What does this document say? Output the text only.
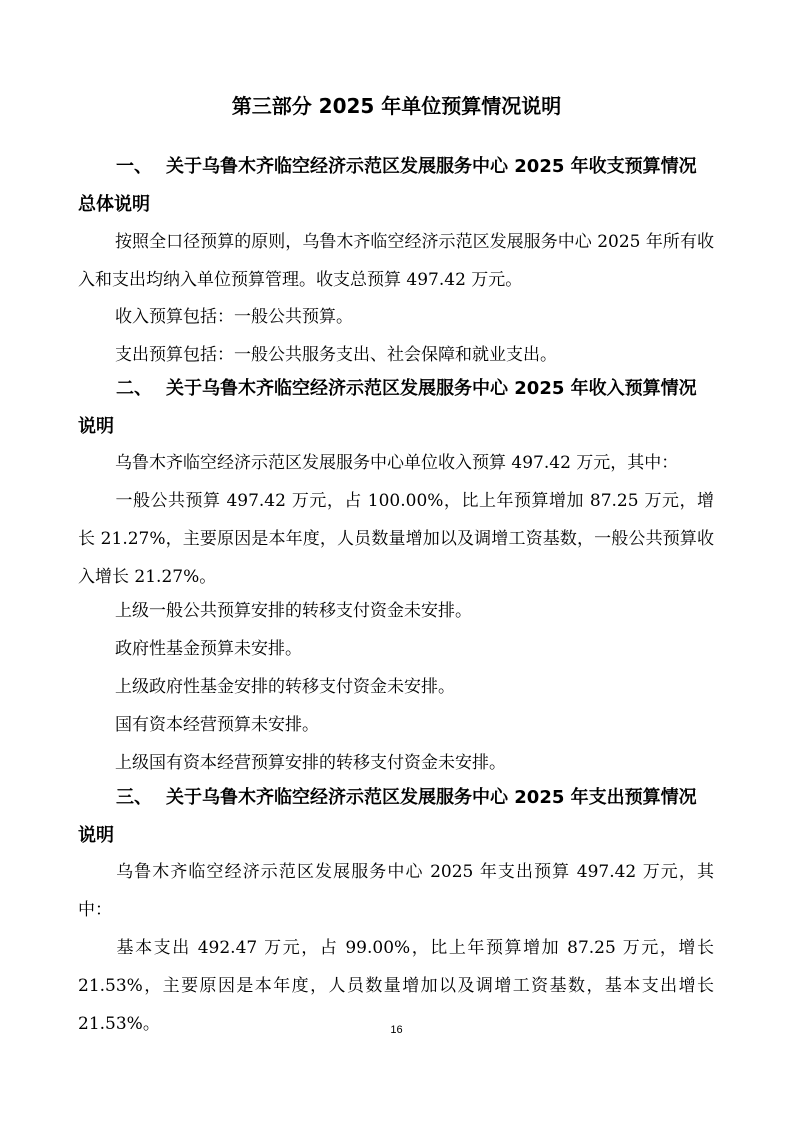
第三部分 2025 年单位预算情况说明
一、 关于乌鲁木齐临空经济示范区发展服务中心 2025 年收支预算情况总体说明
按照全口径预算的原则，乌鲁木齐临空经济示范区发展服务中心 2025 年所有收入和支出均纳入单位预算管理。收支总预算 497.42 万元。
收入预算包括：一般公共预算。
支出预算包括：一般公共服务支出、社会保障和就业支出。
二、 关于乌鲁木齐临空经济示范区发展服务中心 2025 年收入预算情况说明
乌鲁木齐临空经济示范区发展服务中心单位收入预算 497.42 万元，其中：
一般公共预算 497.42 万元，占 100.00%，比上年预算增加 87.25 万元，增长 21.27%，主要原因是本年度，人员数量增加以及调增工资基数，一般公共预算收入增长 21.27%。
上级一般公共预算安排的转移支付资金未安排。
政府性基金预算未安排。
上级政府性基金安排的转移支付资金未安排。
国有资本经营预算未安排。
上级国有资本经营预算安排的转移支付资金未安排。
三、 关于乌鲁木齐临空经济示范区发展服务中心 2025 年支出预算情况说明
乌鲁木齐临空经济示范区发展服务中心 2025 年支出预算 497.42 万元，其中：
基本支出 492.47 万元，占 99.00%，比上年预算增加 87.25 万元，增长 21.53%，主要原因是本年度，人员数量增加以及调增工资基数，基本支出增长 21.53%。	16
